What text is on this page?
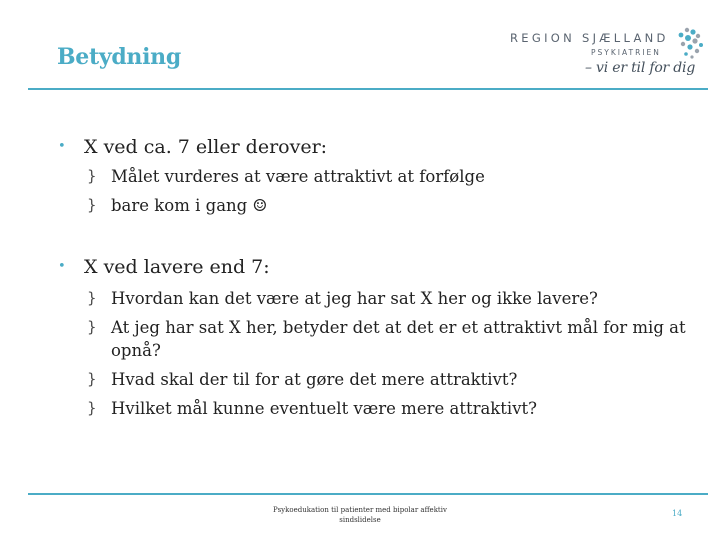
Betydning
REGION SJÆLLAND
PSYKIATRIEN
– vi er til for dig
• X ved ca. 7 eller derover:
} Målet vurderes at være attraktivt at forfølge
} bare kom i gang ☺
• X ved lavere end 7:
} Hvordan kan det være at jeg har sat X her og ikke lavere?
} At jeg har sat X her, betyder det at det er et attraktivt mål for mig at opnå?
} Hvad skal der til for at gøre det mere attraktivt?
} Hvilket mål kunne eventuelt være mere attraktivt?
Psykoedukation til patienter med bipolar affektiv sindslidelse
14
